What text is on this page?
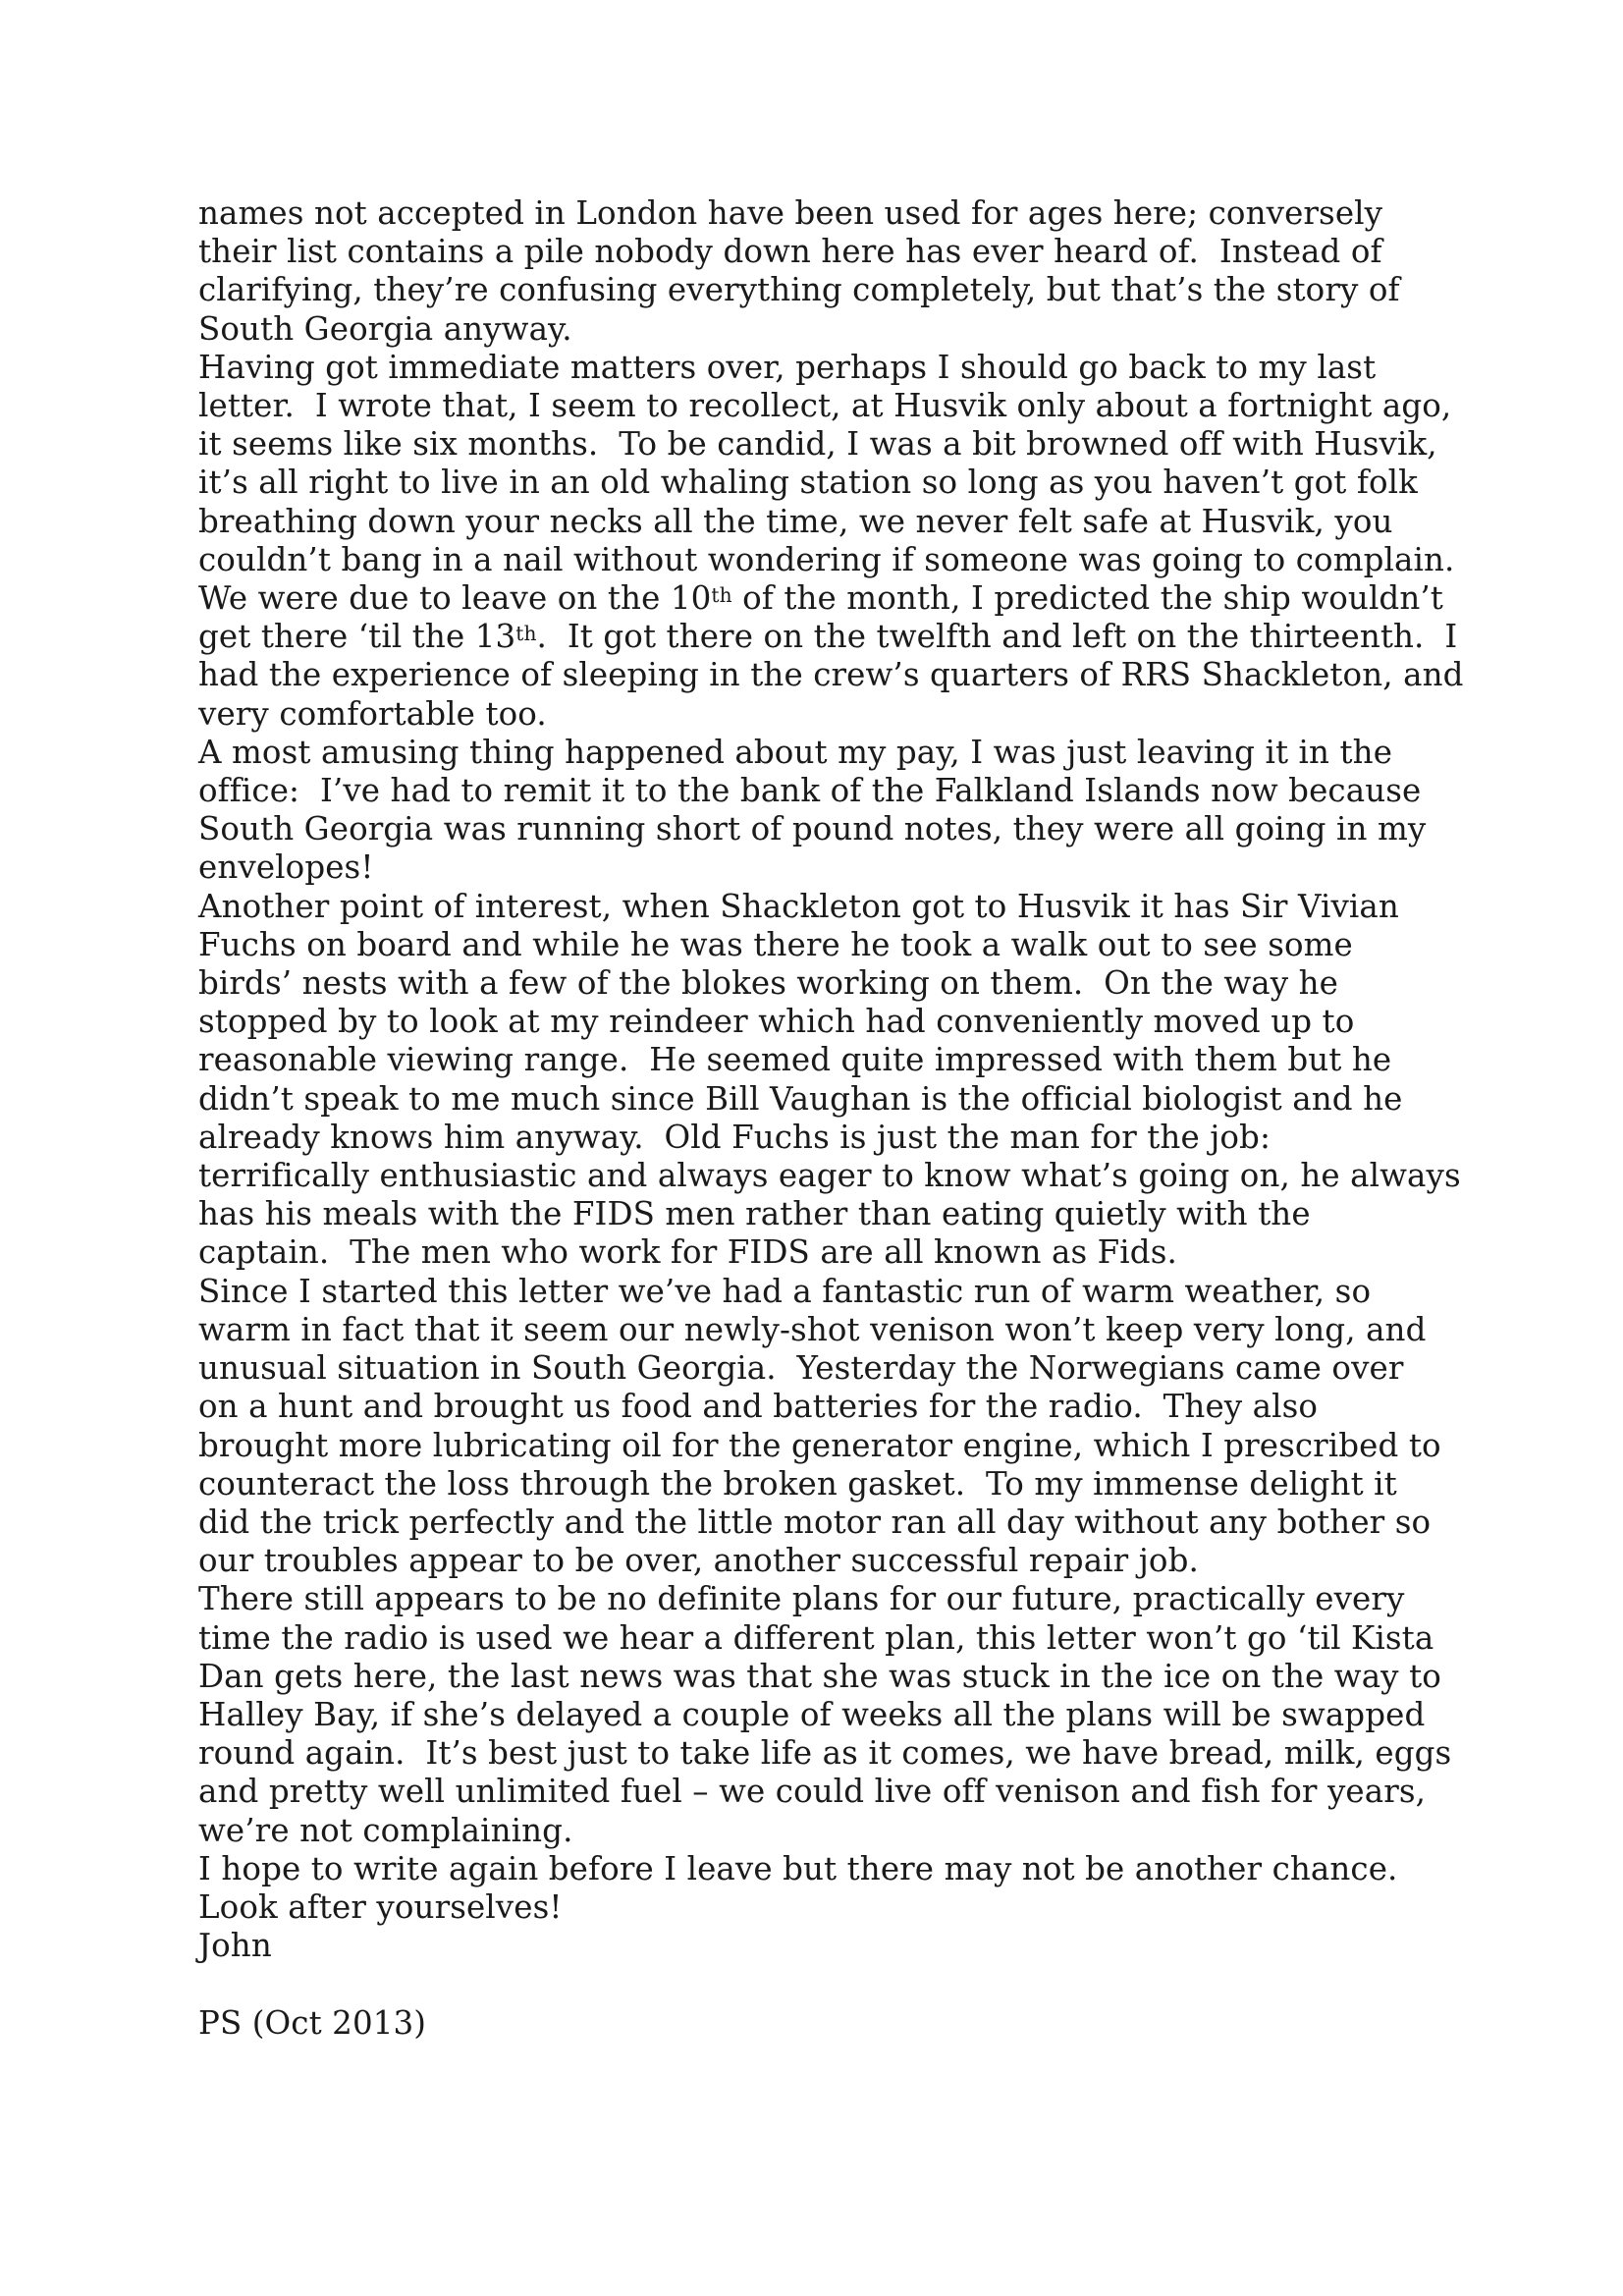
names not accepted in London have been used for ages here; conversely
their list contains a pile nobody down here has ever heard of.  Instead of
clarifying, they’re confusing everything completely, but that’s the story of
South Georgia anyway.
Having got immediate matters over, perhaps I should go back to my last
letter.  I wrote that, I seem to recollect, at Husvik only about a fortnight ago,
it seems like six months.  To be candid, I was a bit browned off with Husvik,
it’s all right to live in an old whaling station so long as you haven’t got folk
breathing down your necks all the time, we never felt safe at Husvik, you
couldn’t bang in a nail without wondering if someone was going to complain.
We were due to leave on the 10th of the month, I predicted the ship wouldn’t
get there ‘til the 13th.  It got there on the twelfth and left on the thirteenth.  I
had the experience of sleeping in the crew’s quarters of RRS Shackleton, and
very comfortable too.
A most amusing thing happened about my pay, I was just leaving it in the
office:  I’ve had to remit it to the bank of the Falkland Islands now because
South Georgia was running short of pound notes, they were all going in my
envelopes!
Another point of interest, when Shackleton got to Husvik it has Sir Vivian
Fuchs on board and while he was there he took a walk out to see some
birds’ nests with a few of the blokes working on them.  On the way he
stopped by to look at my reindeer which had conveniently moved up to
reasonable viewing range.  He seemed quite impressed with them but he
didn’t speak to me much since Bill Vaughan is the official biologist and he
already knows him anyway.  Old Fuchs is just the man for the job:
terrifically enthusiastic and always eager to know what’s going on, he always
has his meals with the FIDS men rather than eating quietly with the
captain.  The men who work for FIDS are all known as Fids.
Since I started this letter we’ve had a fantastic run of warm weather, so
warm in fact that it seem our newly-shot venison won’t keep very long, and
unusual situation in South Georgia.  Yesterday the Norwegians came over
on a hunt and brought us food and batteries for the radio.  They also
brought more lubricating oil for the generator engine, which I prescribed to
counteract the loss through the broken gasket.  To my immense delight it
did the trick perfectly and the little motor ran all day without any bother so
our troubles appear to be over, another successful repair job.
There still appears to be no definite plans for our future, practically every
time the radio is used we hear a different plan, this letter won’t go ‘til Kista
Dan gets here, the last news was that she was stuck in the ice on the way to
Halley Bay, if she’s delayed a couple of weeks all the plans will be swapped
round again.  It’s best just to take life as it comes, we have bread, milk, eggs
and pretty well unlimited fuel – we could live off venison and fish for years,
we’re not complaining.
I hope to write again before I leave but there may not be another chance.
Look after yourselves!
John
PS (Oct 2013)
